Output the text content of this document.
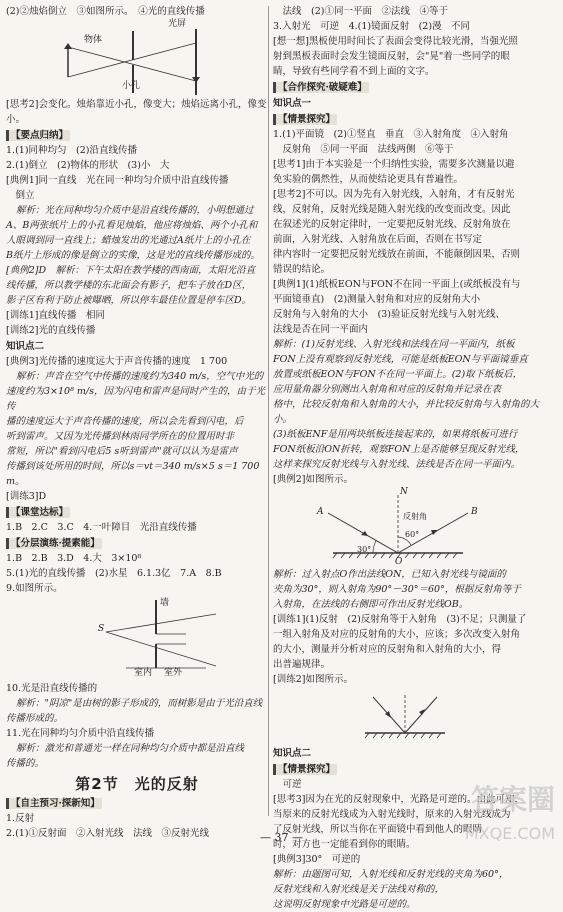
(2)②烛焰倒立　③如图所示。　④光的直线传播

物体
光屏
小孔

[思考2]会变化。烛焰靠近小孔，像变大；烛焰远离小孔，像变小。

【要点归纳】

1.(1)同种均匀　(2)沿直线传播

2.(1)倒立　(2)物体的形状　(3)小　大

[典例1]同一直线　光在同一种均匀介质中沿直线传播

　倒立

解析：光在同种均匀介质中是沿直线传播的，小明想通过

A、B两张纸片上的小孔看见烛焰，他应将烛焰、两个小孔和

人眼调到同一直线上；蜡烛发出的光通过A纸片上的小孔在

B纸片上形成的像是倒立的实像，这是光的直线传播形成的。

[典例2]D　解析：下午太阳在教学楼的西南面，太阳光沿直

线传播，所以教学楼的东北面会有影子，把车子放在D区，

影子区有利于防止被曝晒，所以停车最佳位置是停车区D。

[训练1]直线传播　相同

[训练2]光的直线传播

知识点二

[典例3]光传播的速度远大于声音传播的速度　1 700

解析：声音在空气中传播的速度约为340 m/s，空气中光的

速度约为3×10⁸ m/s，因为闪电和雷声是同时产生的，由于光传

播的速度远大于声音传播的速度，所以会先看到闪电，后

听到雷声。又因为光传播到林雨同学所在的位置用时非

常短，所以"看到闪电后5 s听到雷声"就可以认为是雷声

传播到该处所用的时间，所以s＝vt＝340 m/s×5 s＝1 700

m。

[训练3]D

【课堂达标】

1.B　2.C　3.C　4.一叶障目　光沿直线传播

【分层演练·提素能】

1.B　2.B　3.D　4.大　3×10⁸

5.(1)光的直线传播　(2)水星　6.1.3亿　7.A　8.B

9.如图所示。

S
墙
室内 室外

10.光是沿直线传播的

解析："阴凉"是由树的影子形成的，而树影是由于光沿直线

传播形成的。

11.光在同种均匀介质中沿直线传播

解析：激光和普通光一样在同种均匀介质中都是沿直线

传播的。

第2节　光的反射

【自主预习·探新知】

1.反射

2.(1)①反射面　②入射光线　法线　③反射光线

　法线　(2)①同一平面　②法线　④等于

3.入射光　可逆　4.(1)镜面反射　(2)漫　不同

[想一想]黑板使用时间长了表面会变得比较光滑，当强光照

射到黑板表面时会发生镜面反射，会"晃"着一些同学的眼

睛，导致有些同学看不到上面的文字。

【合作探究·破疑难】

知识点一

【情景探究】

1.(1)平面镜　(2)①竖直　垂直　③入射角度　④入射角

　反射角　⑤同一平面　法线两侧　⑥等于

[思考1]由于本实验是一个归纳性实验，需要多次测量以避

免实验的偶然性，从而使结论更具有普遍性。

[思考2]不可以。因为先有入射光线，入射角，才有反射光

线，反射角，反射光线是随入射光线的改变而改变。因此

在叙述光的反射定律时，一定要把反射光线、反射角放在

前面，入射光线、入射角放在后面，否则在书写定

律内容时一定要把反射光线放在前面，不能颠倒因果，否则

错误的结论。

[典例1](1)纸板EON与FON不在同一平面上(或纸板没有与

平面镜垂直)　(2)测量入射角和对应的反射角大小　

反射角与入射角的大小　(3)验证反射光线与入射光线、

法线是否在同一平面内

解析：(1)反射光线、入射光线和法线在同一平面内，纸板

FON上没有观察到反射光线，可能是纸板EON与平面镜垂直

放置或纸板EON与FON不在同一平面上。(2)取下纸板后，

应用量角器分别测出入射角和对应的反射角并记录在表

格中，比较反射角和入射角的大小，并比较反射角与入射角的大小。

(3)纸板ENF是用两块纸板连接起来的，如果将纸板可进行

FON纸板沿ON折转，观察FON上是否能够呈现反射光线，

这样来探究反射光线与入射光线、法线是否在同一平面内。

[典例2]如图所示。

N
A	B
O
30°
60°
反射角

解析：过入射点O作出法线ON，已知入射光线与镜面的

夹角为30°，则入射角为90°－30°＝60°，根据反射角等于

入射角，在法线的右侧即可作出反射光线OB。

[训练1](1)反射　(2)反射角等于入射角　(3)不足；只测量了

一组入射角及对应的反射角的大小，应该；多次改变入射角

的大小，测量并分析对应的反射角和入射角的大小，得

出普遍规律。

[训练2]如图所示。

知识点二

【情景探究】

　可逆

[思考3]因为在光的反射现象中，光路是可逆的。由此可知，

当原来的反射光线成为入射光线时，原来的入射光线成为

了反射光线，所以当你在平面镜中看到他人的眼睛

时，对方也一定能看到你的眼睛。

[典例3]30°　可逆的

解析：由题图可知，入射光线和反射光线的夹角为60°，

反射光线和入射光线是关于法线对称的，

这说明反射现象中光路是可逆的。

答案圈
MXQE.COM
— 37 —
